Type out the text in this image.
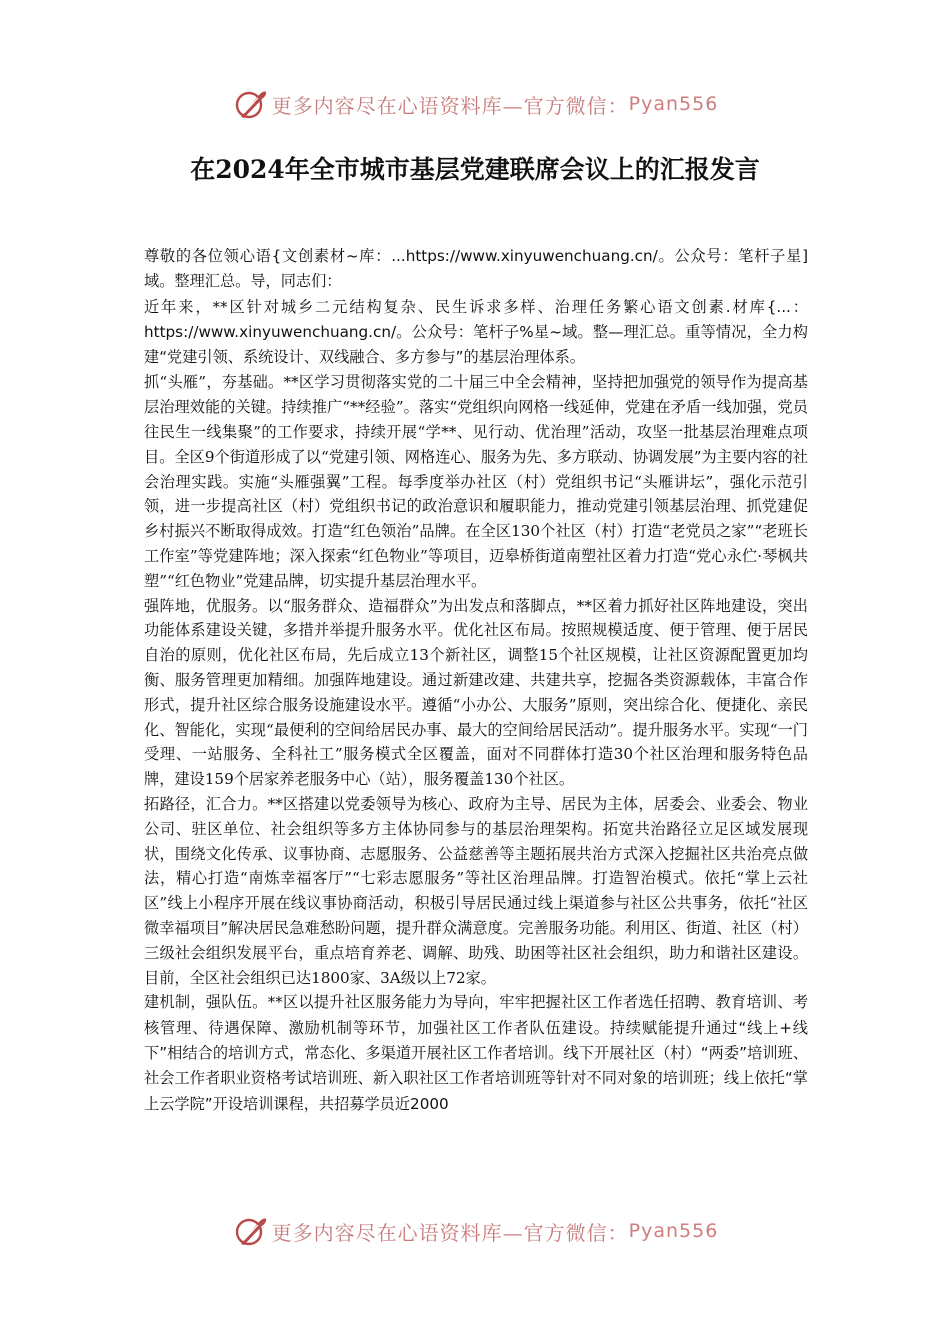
更多内容尽在心语资料库—官方微信： Pyan556
在2024年全市城市基层党建联席会议上的汇报发言

尊敬的各位领心语{文创素材~库：...https://www.xinyuwenchuang.cn/。公众号：笔杆子星]域。整理汇总。导，同志们：

近年来，**区针对城乡二元结构复杂、民生诉求多样、治理任务繁心语文创素.材库{...：https://www.xinyuwenchuang.cn/。公众号：笔杆子%星~域。整—理汇总。重等情况，全力构建“党建引领、系统设计、双线融合、多方参与”的基层治理体系。

抓“头雁”，夯基础。**区学习贯彻落实党的二十届三中全会精神，坚持把加强党的领导作为提高基层治理效能的关键。持续推广“**经验”。落实“党组织向网格一线延伸，党建在矛盾一线加强，党员往民生一线集聚”的工作要求，持续开展“学**、见行动、优治理”活动，攻坚一批基层治理难点项目。全区9个街道形成了以“党建引领、网格连心、服务为先、多方联动、协调发展”为主要内容的社会治理实践。实施“头雁强翼”工程。每季度举办社区（村）党组织书记“头雁讲坛”，强化示范引领，进一步提高社区（村）党组织书记的政治意识和履职能力，推动党建引领基层治理、抓党建促乡村振兴不断取得成效。打造“红色领治”品牌。在全区130个社区（村）打造“老党员之家”“老班长工作室”等党建阵地；深入探索“红色物业”等项目，迈皋桥街道南塑社区着力打造“党心永伫·琴枫共塑”“红色物业”党建品牌，切实提升基层治理水平。

强阵地，优服务。以“服务群众、造福群众”为出发点和落脚点，**区着力抓好社区阵地建设，突出功能体系建设关键，多措并举提升服务水平。优化社区布局。按照规模适度、便于管理、便于居民自治的原则，优化社区布局，先后成立13个新社区，调整15个社区规模，让社区资源配置更加均衡、服务管理更加精细。加强阵地建设。通过新建改建、共建共享，挖掘各类资源载体，丰富合作形式，提升社区综合服务设施建设水平。遵循“小办公、大服务”原则，突出综合化、便捷化、亲民化、智能化，实现“最便利的空间给居民办事、最大的空间给居民活动”。提升服务水平。实现“一门受理、一站服务、全科社工”服务模式全区覆盖，面对不同群体打造30个社区治理和服务特色品牌，建设159个居家养老服务中心（站），服务覆盖130个社区。

拓路径，汇合力。**区搭建以党委领导为核心、政府为主导、居民为主体，居委会、业委会、物业公司、驻区单位、社会组织等多方主体协同参与的基层治理架构。拓宽共治路径立足区域发展现状，围绕文化传承、议事协商、志愿服务、公益慈善等主题拓展共治方式深入挖掘社区共治亮点做法，精心打造“南炼幸福客厅”“七彩志愿服务”等社区治理品牌。打造智治模式。依托“掌上云社区”线上小程序开展在线议事协商活动，积极引导居民通过线上渠道参与社区公共事务，依托“社区微幸福项目”解决居民急难愁盼问题，提升群众满意度。完善服务功能。利用区、街道、社区（村）三级社会组织发展平台，重点培育养老、调解、助残、助困等社区社会组织，助力和谐社区建设。目前，全区社会组织已达1800家、3A级以上72家。

建机制，强队伍。**区以提升社区服务能力为导向，牢牢把握社区工作者选任招聘、教育培训、考核管理、待遇保障、激励机制等环节，加强社区工作者队伍建设。持续赋能提升通过“线上+线下”相结合的培训方式，常态化、多渠道开展社区工作者培训。线下开展社区（村）“两委”培训班、社会工作者职业资格考试培训班、新入职社区工作者培训班等针对不同对象的培训班；线上依托“掌上云学院”开设培训课程，共招募学员近2000

更多内容尽在心语资料库—官方微信： Pyan556
